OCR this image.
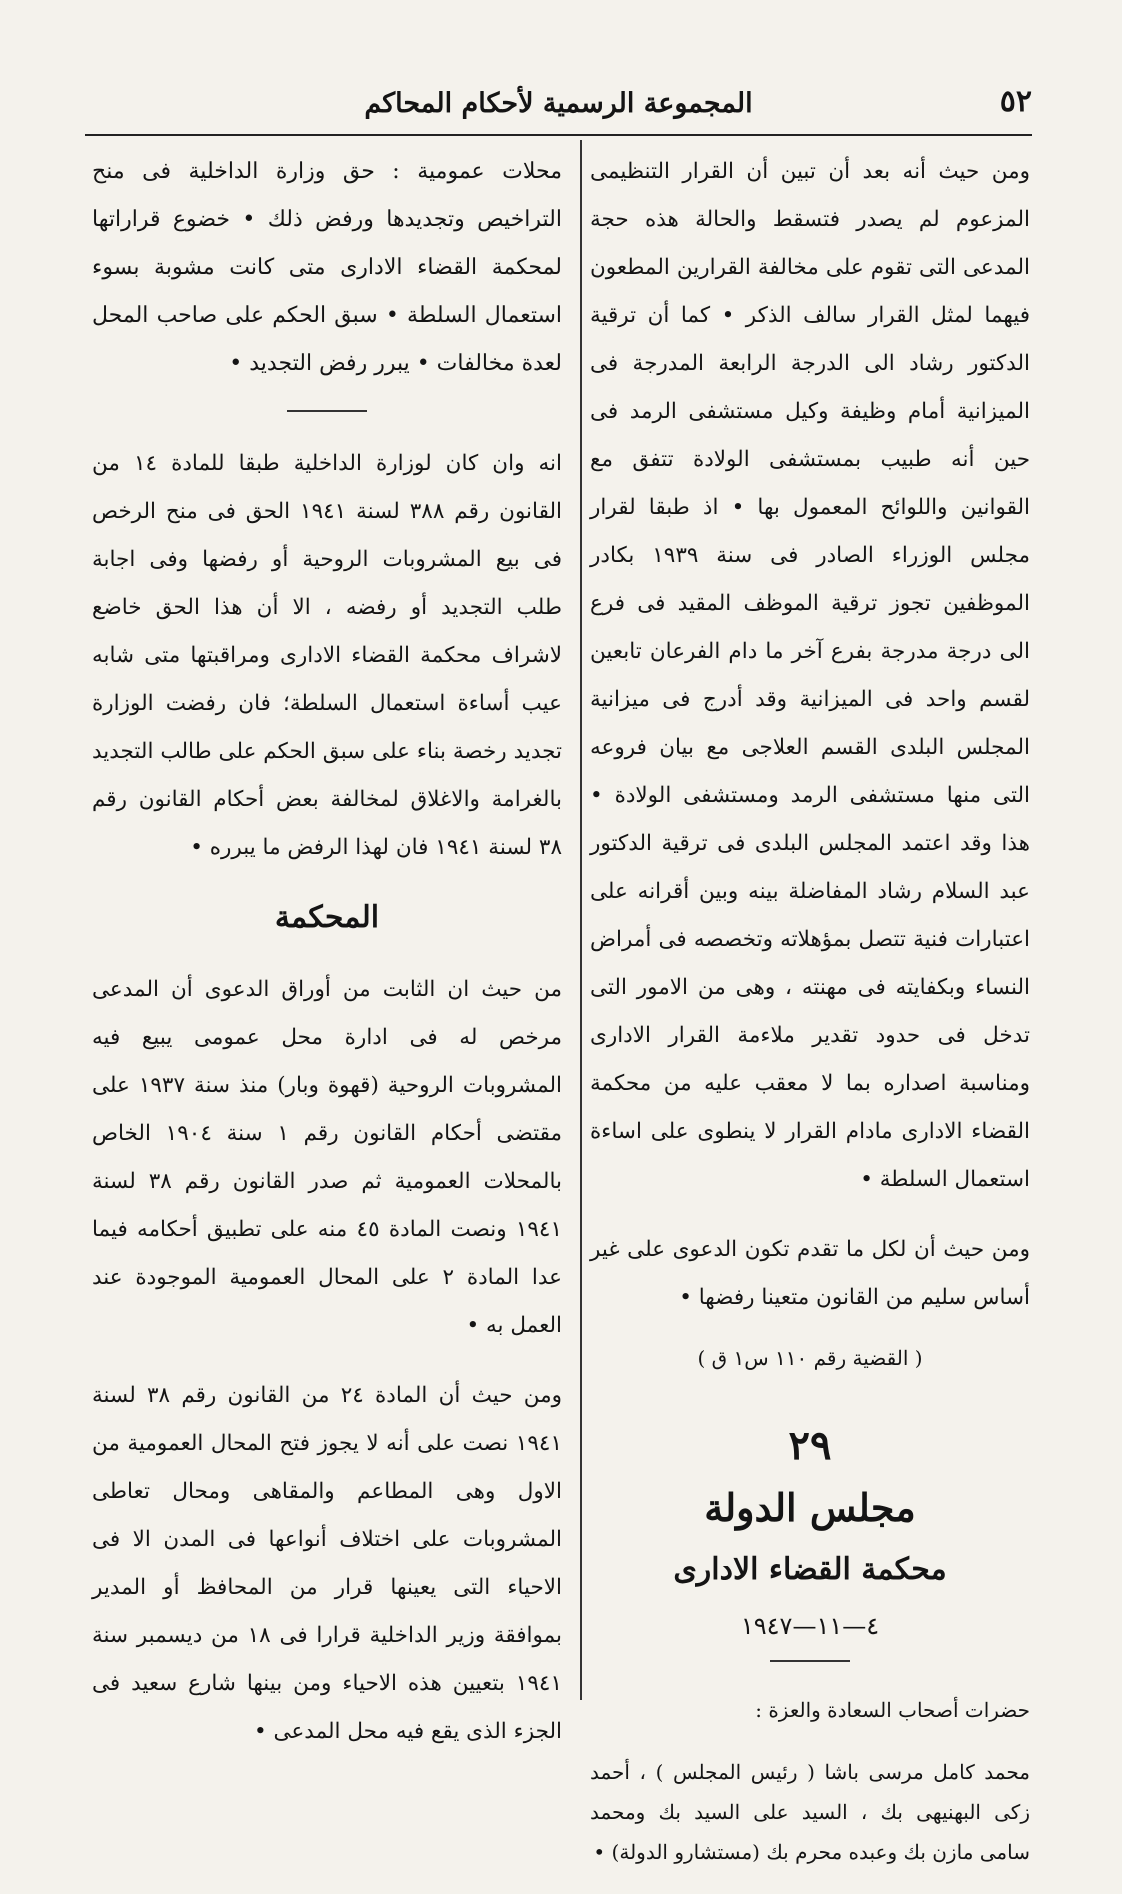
٥٢
المجموعة الرسمية لأحكام المحاكم

ومن حيث أنه بعد أن تبين أن القرار التنظيمى المزعوم لم يصدر فتسقط والحالة هذه حجة المدعى التى تقوم على مخالفة القرارين المطعون فيهما لمثل القرار سالف الذكر • كما أن ترقية الدكتور رشاد الى الدرجة الرابعة المدرجة فى الميزانية أمام وظيفة وكيل مستشفى الرمد فى حين أنه طبيب بمستشفى الولادة تتفق مع القوانين واللوائح المعمول بها • اذ طبقا لقرار مجلس الوزراء الصادر فى سنة ١٩٣٩ بكادر الموظفين تجوز ترقية الموظف المقيد فى فرع الى درجة مدرجة بفرع آخر ما دام الفرعان تابعين لقسم واحد فى الميزانية وقد أدرج فى ميزانية المجلس البلدى القسم العلاجى مع بيان فروعه التى منها مستشفى الرمد ومستشفى الولادة • هذا وقد اعتمد المجلس البلدى فى ترقية الدكتور عبد السلام رشاد المفاضلة بينه وبين أقرانه على اعتبارات فنية تتصل بمؤهلاته وتخصصه فى أمراض النساء وبكفايته فى مهنته ، وهى من الامور التى تدخل فى حدود تقدير ملاءمة القرار الادارى ومناسبة اصداره بما لا معقب عليه من محكمة القضاء الادارى مادام القرار لا ينطوى على اساءة استعمال السلطة •

ومن حيث أن لكل ما تقدم تكون الدعوى على غير أساس سليم من القانون متعينا رفضها •

( القضية رقم ١١٠ س١ ق )
٢٩
مجلس الدولة
محكمة القضاء الادارى
٤—١١—١٩٤٧

حضرات أصحاب السعادة والعزة :

محمد كامل مرسى باشا ( رئيس المجلس ) ، أحمد زكى البهنيهى بك ، السيد على السيد بك ومحمد سامى مازن بك وعبده محرم بك (مستشارو الدولة) •

محلات عمومية : حق وزارة الداخلية فى منح التراخيص وتجديدها ورفض ذلك • خضوع قراراتها لمحكمة القضاء الادارى متى كانت مشوبة بسوء استعمال السلطة • سبق الحكم على صاحب المحل لعدة مخالفات • يبرر رفض التجديد •

انه وان كان لوزارة الداخلية طبقا للمادة ١٤ من القانون رقم ٣٨٨ لسنة ١٩٤١ الحق فى منح الرخص فى بيع المشروبات الروحية أو رفضها وفى اجابة طلب التجديد أو رفضه ، الا أن هذا الحق خاضع لاشراف محكمة القضاء الادارى ومراقبتها متى شابه عيب أساءة استعمال السلطة؛ فان رفضت الوزارة تجديد رخصة بناء على سبق الحكم على طالب التجديد بالغرامة والاغلاق لمخالفة بعض أحكام القانون رقم ٣٨ لسنة ١٩٤١ فان لهذا الرفض ما يبرره •

المحكمة

من حيث ان الثابت من أوراق الدعوى أن المدعى مرخص له فى ادارة محل عمومى يبيع فيه المشروبات الروحية (قهوة وبار) منذ سنة ١٩٣٧ على مقتضى أحكام القانون رقم ١ سنة ١٩٠٤ الخاص بالمحلات العمومية ثم صدر القانون رقم ٣٨ لسنة ١٩٤١ ونصت المادة ٤٥ منه على تطبيق أحكامه فيما عدا المادة ٢ على المحال العمومية الموجودة عند العمل به •

ومن حيث أن المادة ٢٤ من القانون رقم ٣٨ لسنة ١٩٤١ نصت على أنه لا يجوز فتح المحال العمومية من الاول وهى المطاعم والمقاهى ومحال تعاطى المشروبات على اختلاف أنواعها فى المدن الا فى الاحياء التى يعينها قرار من المحافظ أو المدير بموافقة وزير الداخلية قرارا فى ١٨ من ديسمبر سنة ١٩٤١ بتعيين هذه الاحياء ومن بينها شارع سعيد فى الجزء الذى يقع فيه محل المدعى •
